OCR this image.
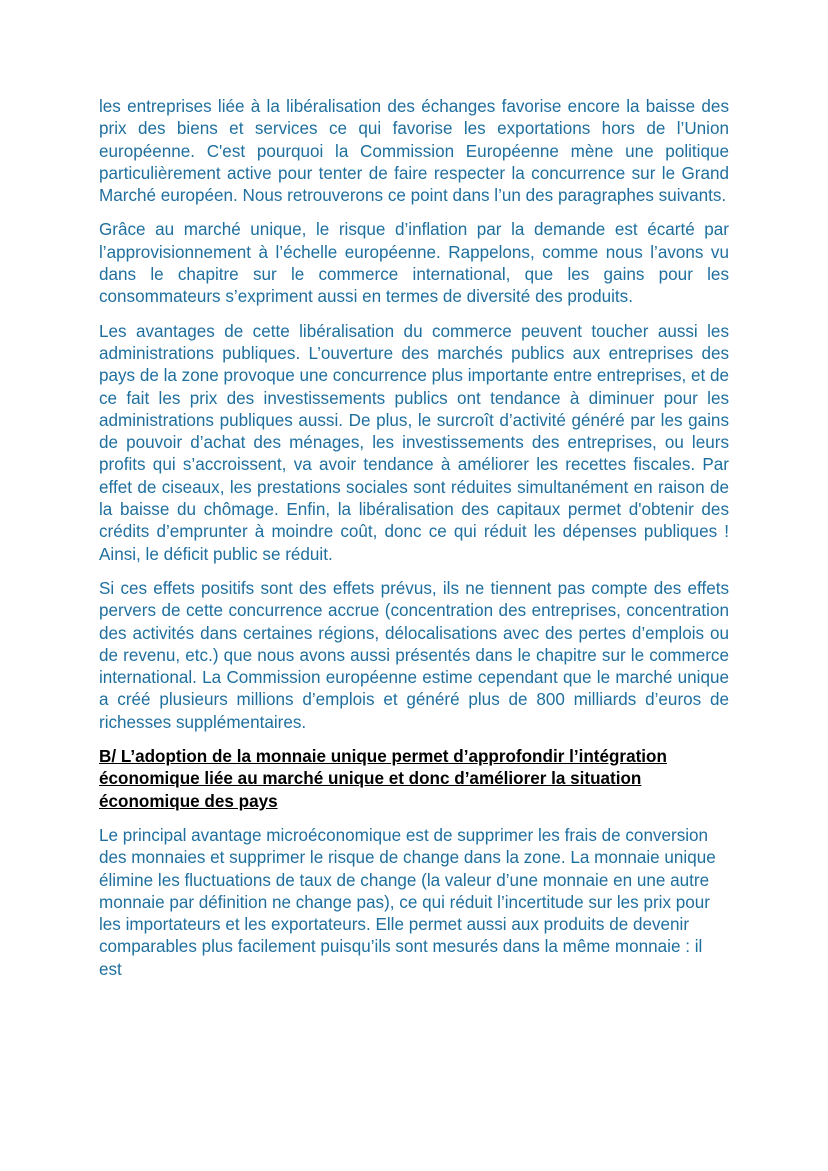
les entreprises liée à la libéralisation des échanges favorise encore la baisse des prix des biens et services ce qui favorise les exportations hors de l’Union européenne. C'est pourquoi la Commission Européenne mène une politique particulièrement active pour tenter de faire respecter la concurrence sur le Grand Marché européen. Nous retrouverons ce point dans l’un des paragraphes suivants.

Grâce au marché unique, le risque d’inflation par la demande est écarté par l’approvisionnement à l’échelle européenne. Rappelons, comme nous l’avons vu dans le chapitre sur le commerce international, que les gains pour les consommateurs s’expriment aussi en termes de diversité des produits.

Les avantages de cette libéralisation du commerce peuvent toucher aussi les administrations publiques. L’ouverture des marchés publics aux entreprises des pays de la zone provoque une concurrence plus importante entre entreprises, et de ce fait les prix des investissements publics ont tendance à diminuer pour les administrations publiques aussi. De plus, le surcroît d’activité généré par les gains de pouvoir d’achat des ménages, les investissements des entreprises, ou leurs profits qui s’accroissent, va avoir tendance à améliorer les recettes fiscales. Par effet de ciseaux, les prestations sociales sont réduites simultanément en raison de la baisse du chômage. Enfin, la libéralisation des capitaux permet d'obtenir des crédits d’emprunter à moindre coût, donc ce qui réduit les dépenses publiques ! Ainsi, le déficit public se réduit.

Si ces effets positifs sont des effets prévus, ils ne tiennent pas compte des effets pervers de cette concurrence accrue (concentration des entreprises, concentration des activités dans certaines régions, délocalisations avec des pertes d’emplois ou de revenu, etc.) que nous avons aussi présentés dans le chapitre sur le commerce international. La Commission européenne estime cependant que le marché unique a créé plusieurs millions d’emplois et généré plus de 800 milliards d’euros de richesses supplémentaires.

B/ L’adoption de la monnaie unique permet d’approfondir l’intégration économique liée au marché unique et donc d’améliorer la situation économique des pays

Le principal avantage microéconomique est de supprimer les frais de conversion des monnaies et supprimer le risque de change dans la zone. La monnaie unique élimine les fluctuations de taux de change (la valeur d’une monnaie en une autre monnaie par définition ne change pas), ce qui réduit l’incertitude sur les prix pour les importateurs et les exportateurs. Elle permet aussi aux produits de devenir comparables plus facilement puisqu’ils sont mesurés dans la même monnaie : il est
